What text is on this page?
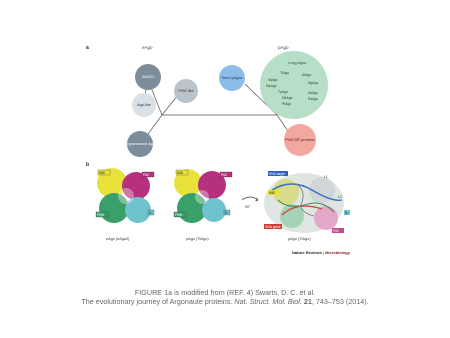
a	eAgo	pAgo
WAGO
PIWI-like
Ago-like
Trypanosoma Ago
Short pAgos
PIWI-RE proteins
AfAgo
NgAgo
TtAgo
MjAgo
MpAgo
PfAgo
AaAgo
RsAgo
MkAgo
TpAgo
Long pAgos
b
MID	PAZ
PIWI	N
eAgo (hAgo2)
MID	PAZ
PIWI	N
pAgo (TtAgo)
90°
RNA target
L1
L2
DNA guide
PAZ
N
MID
pAgo (TtAgo)
Nature Reviews | Microbiology
FIGURE 1a is modified from (REF. 4) Swarts, D. C. et al.
The evolutionary journey of Argonaute proteins. Nat. Struct. Mol. Biol. 21, 743–753 (2014).
